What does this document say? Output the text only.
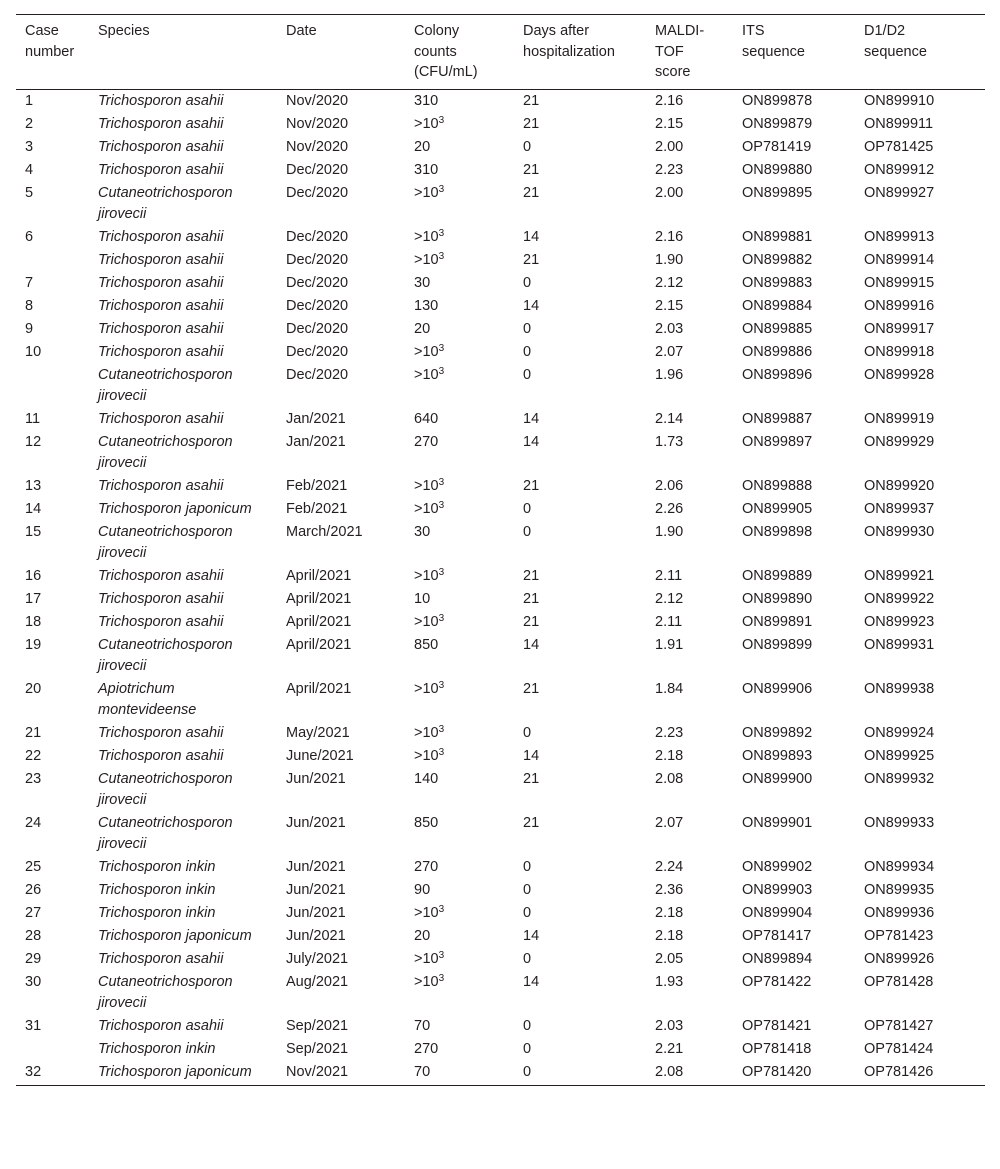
Case number	Species	Date	Colony counts (CFU/mL)	Days after hospitalization	MALDI-TOF score	ITS sequence	D1/D2 sequence
1	Trichosporon asahii	Nov/2020	310	21	2.16	ON899878	ON899910
2	Trichosporon asahii	Nov/2020	$>10^3$	21	2.15	ON899879	ON899911
3	Trichosporon asahii	Nov/2020	20	0	2.00	OP781419	OP781425
4	Trichosporon asahii	Dec/2020	310	21	2.23	ON899880	ON899912
5	Cutaneotrichosporon jirovecii	Dec/2020	$>10^3$	21	2.00	ON899895	ON899927
6	Trichosporon asahii	Dec/2020	$>10^3$	14	2.16	ON899881	ON899913
	Trichosporon asahii	Dec/2020	$>10^3$	21	1.90	ON899882	ON899914
7	Trichosporon asahii	Dec/2020	30	0	2.12	ON899883	ON899915
8	Trichosporon asahii	Dec/2020	130	14	2.15	ON899884	ON899916
9	Trichosporon asahii	Dec/2020	20	0	2.03	ON899885	ON899917
10	Trichosporon asahii	Dec/2020	$>10^3$	0	2.07	ON899886	ON899918
	Cutaneotrichosporon jirovecii	Dec/2020	$>10^3$	0	1.96	ON899896	ON899928
11	Trichosporon asahii	Jan/2021	640	14	2.14	ON899887	ON899919
12	Cutaneotrichosporon jirovecii	Jan/2021	270	14	1.73	ON899897	ON899929
13	Trichosporon asahii	Feb/2021	$>10^3$	21	2.06	ON899888	ON899920
14	Trichosporon japonicum	Feb/2021	$>10^3$	0	2.26	ON899905	ON899937
15	Cutaneotrichosporon jirovecii	March/2021	30	0	1.90	ON899898	ON899930
16	Trichosporon asahii	April/2021	$>10^3$	21	2.11	ON899889	ON899921
17	Trichosporon asahii	April/2021	10	21	2.12	ON899890	ON899922
18	Trichosporon asahii	April/2021	$>10^3$	21	2.11	ON899891	ON899923
19	Cutaneotrichosporon jirovecii	April/2021	850	14	1.91	ON899899	ON899931
20	Apiotrichum montevideense	April/2021	$>10^3$	21	1.84	ON899906	ON899938
21	Trichosporon asahii	May/2021	$>10^3$	0	2.23	ON899892	ON899924
22	Trichosporon asahii	June/2021	$>10^3$	14	2.18	ON899893	ON899925
23	Cutaneotrichosporon jirovecii	Jun/2021	140	21	2.08	ON899900	ON899932
24	Cutaneotrichosporon jirovecii	Jun/2021	850	21	2.07	ON899901	ON899933
25	Trichosporon inkin	Jun/2021	270	0	2.24	ON899902	ON899934
26	Trichosporon inkin	Jun/2021	90	0	2.36	ON899903	ON899935
27	Trichosporon inkin	Jun/2021	$>10^3$	0	2.18	ON899904	ON899936
28	Trichosporon japonicum	Jun/2021	20	14	2.18	OP781417	OP781423
29	Trichosporon asahii	July/2021	$>10^3$	0	2.05	ON899894	ON899926
30	Cutaneotrichosporon jirovecii	Aug/2021	$>10^3$	14	1.93	OP781422	OP781428
31	Trichosporon asahii	Sep/2021	70	0	2.03	OP781421	OP781427
	Trichosporon inkin	Sep/2021	270	0	2.21	OP781418	OP781424
32	Trichosporon japonicum	Nov/2021	70	0	2.08	OP781420	OP781426
